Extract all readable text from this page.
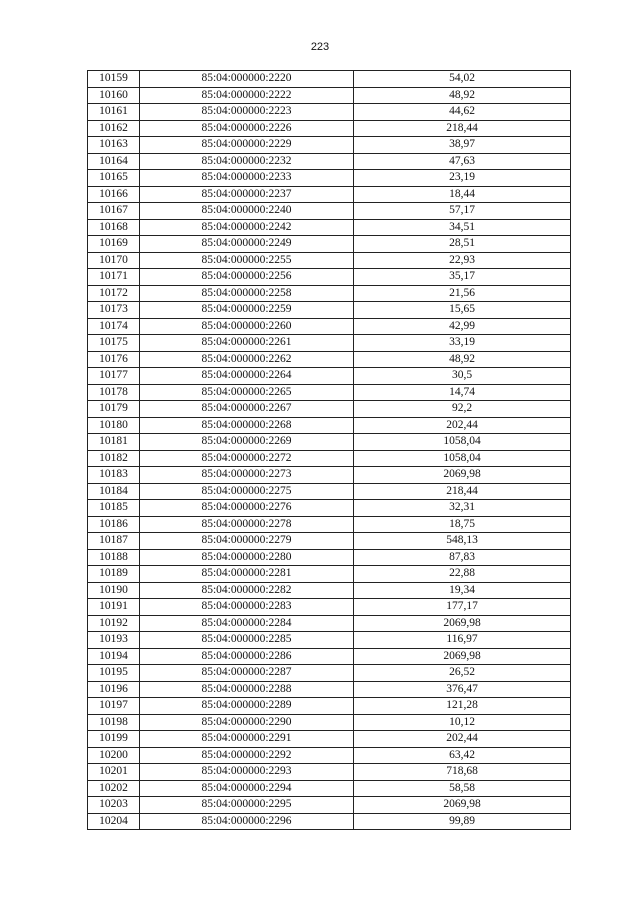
223
10159	85:04:000000:2220	54,02
10160	85:04:000000:2222	48,92
10161	85:04:000000:2223	44,62
10162	85:04:000000:2226	218,44
10163	85:04:000000:2229	38,97
10164	85:04:000000:2232	47,63
10165	85:04:000000:2233	23,19
10166	85:04:000000:2237	18,44
10167	85:04:000000:2240	57,17
10168	85:04:000000:2242	34,51
10169	85:04:000000:2249	28,51
10170	85:04:000000:2255	22,93
10171	85:04:000000:2256	35,17
10172	85:04:000000:2258	21,56
10173	85:04:000000:2259	15,65
10174	85:04:000000:2260	42,99
10175	85:04:000000:2261	33,19
10176	85:04:000000:2262	48,92
10177	85:04:000000:2264	30,5
10178	85:04:000000:2265	14,74
10179	85:04:000000:2267	92,2
10180	85:04:000000:2268	202,44
10181	85:04:000000:2269	1058,04
10182	85:04:000000:2272	1058,04
10183	85:04:000000:2273	2069,98
10184	85:04:000000:2275	218,44
10185	85:04:000000:2276	32,31
10186	85:04:000000:2278	18,75
10187	85:04:000000:2279	548,13
10188	85:04:000000:2280	87,83
10189	85:04:000000:2281	22,88
10190	85:04:000000:2282	19,34
10191	85:04:000000:2283	177,17
10192	85:04:000000:2284	2069,98
10193	85:04:000000:2285	116,97
10194	85:04:000000:2286	2069,98
10195	85:04:000000:2287	26,52
10196	85:04:000000:2288	376,47
10197	85:04:000000:2289	121,28
10198	85:04:000000:2290	10,12
10199	85:04:000000:2291	202,44
10200	85:04:000000:2292	63,42
10201	85:04:000000:2293	718,68
10202	85:04:000000:2294	58,58
10203	85:04:000000:2295	2069,98
10204	85:04:000000:2296	99,89
